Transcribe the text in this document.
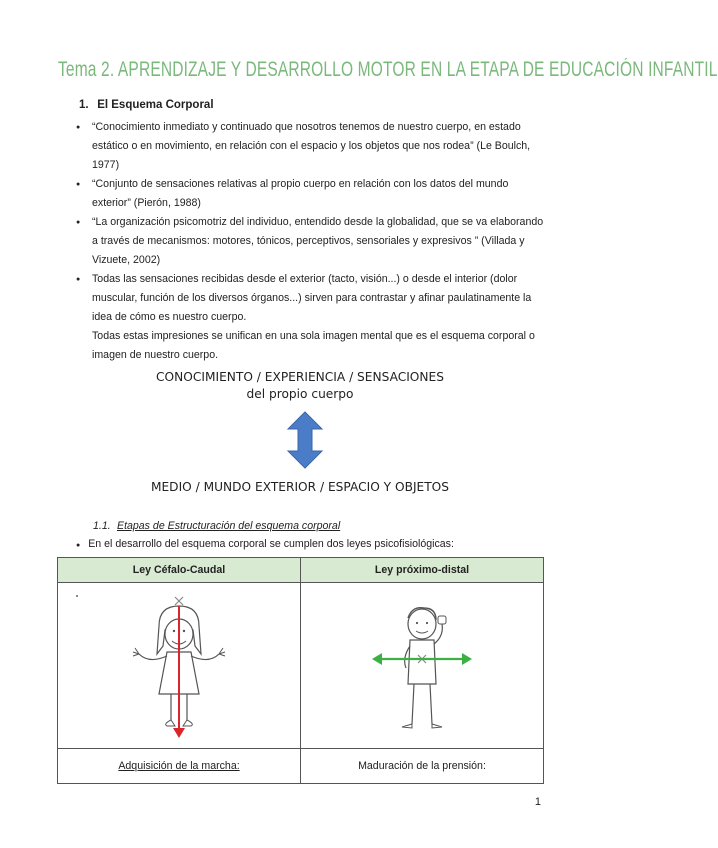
Tema 2. APRENDIZAJE Y DESARROLLO MOTOR EN LA ETAPA DE EDUCACIÓN INFANTIL
1. El Esquema Corporal
● “Conocimiento inmediato y continuado que nosotros tenemos de nuestro cuerpo, en estado estático o en movimiento, en relación con el espacio y los objetos que nos rodea” (Le Boulch, 1977)
● “Conjunto de sensaciones relativas al propio cuerpo en relación con los datos del mundo exterior” (Pierón, 1988)
● “La organización psicomotriz del individuo, entendido desde la globalidad, que se va elaborando a través de mecanismos: motores, tónicos, perceptivos, sensoriales y expresivos ” (Villada y Vizuete, 2002)

● Todas las sensaciones recibidas desde el exterior (tacto, visión...) o desde el interior (dolor muscular, función de los diversos órganos...) sirven para contrastar y afinar paulatinamente la idea de cómo es nuestro cuerpo.

Todas estas impresiones se unifican en una sola imagen mental que es el esquema corporal o imagen de nuestro cuerpo.

CONOCIMIENTO / EXPERIENCIA / SENSACIONES
del propio cuerpo
MEDIO / MUNDO EXTERIOR / ESPACIO Y OBJETOS
1.1. Etapas de Estructuración del esquema corporal
● En el desarrollo del esquema corporal se cumplen dos leyes psicofisiológicas:
Ley Céfalo-Caudal	Ley próximo-distal

Adquisición de la marcha:	Maduración de la prensión:
1
